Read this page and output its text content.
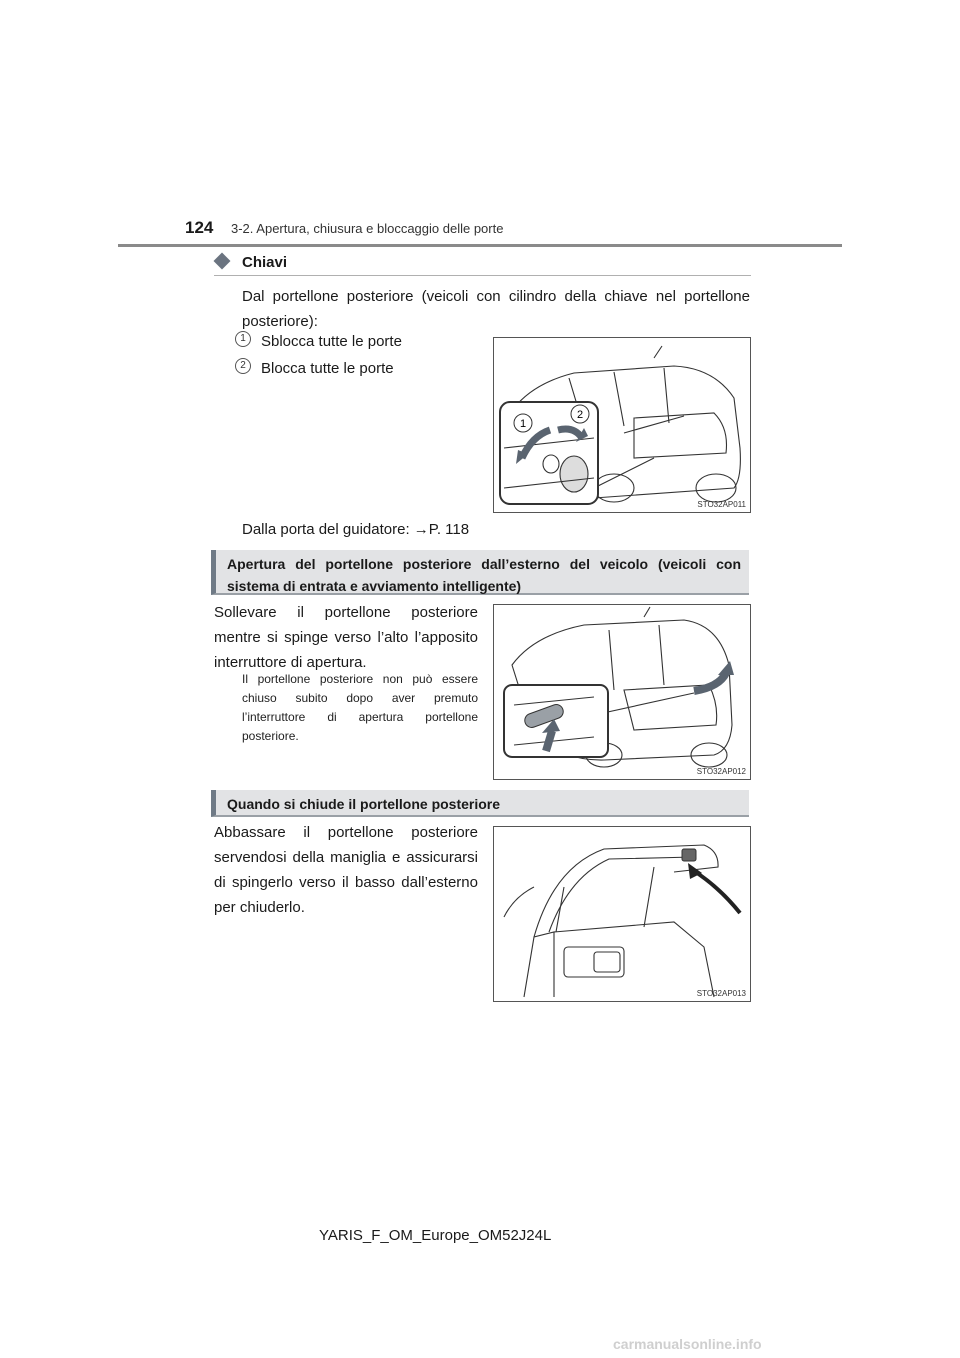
124 3-2. Apertura, chiusura e bloccaggio delle porte
Chiavi
Dal portellone posteriore (veicoli con cilindro della chiave nel portellone posteriore):
1	Sblocca tutte le porte
2	Blocca tutte le porte
1
2
STO32AP011
Dalla porta del guidatore: →P. 118
Apertura del portellone posteriore dall’esterno del veicolo (veicoli con sistema di entrata e avviamento intelligente)
Sollevare il portellone posteriore mentre si spinge verso l’alto l’apposito interruttore di apertura.
Il portellone posteriore non può essere chiuso subito dopo aver premuto l’interruttore di apertura portellone posteriore.
STO32AP012
Quando si chiude il portellone posteriore
Abbassare il portellone posteriore servendosi della maniglia e assicurarsi di spingerlo verso il basso dall’esterno per chiuderlo.
STO32AP013
YARIS_F_OM_Europe_OM52J24L
carmanualsonline.info
